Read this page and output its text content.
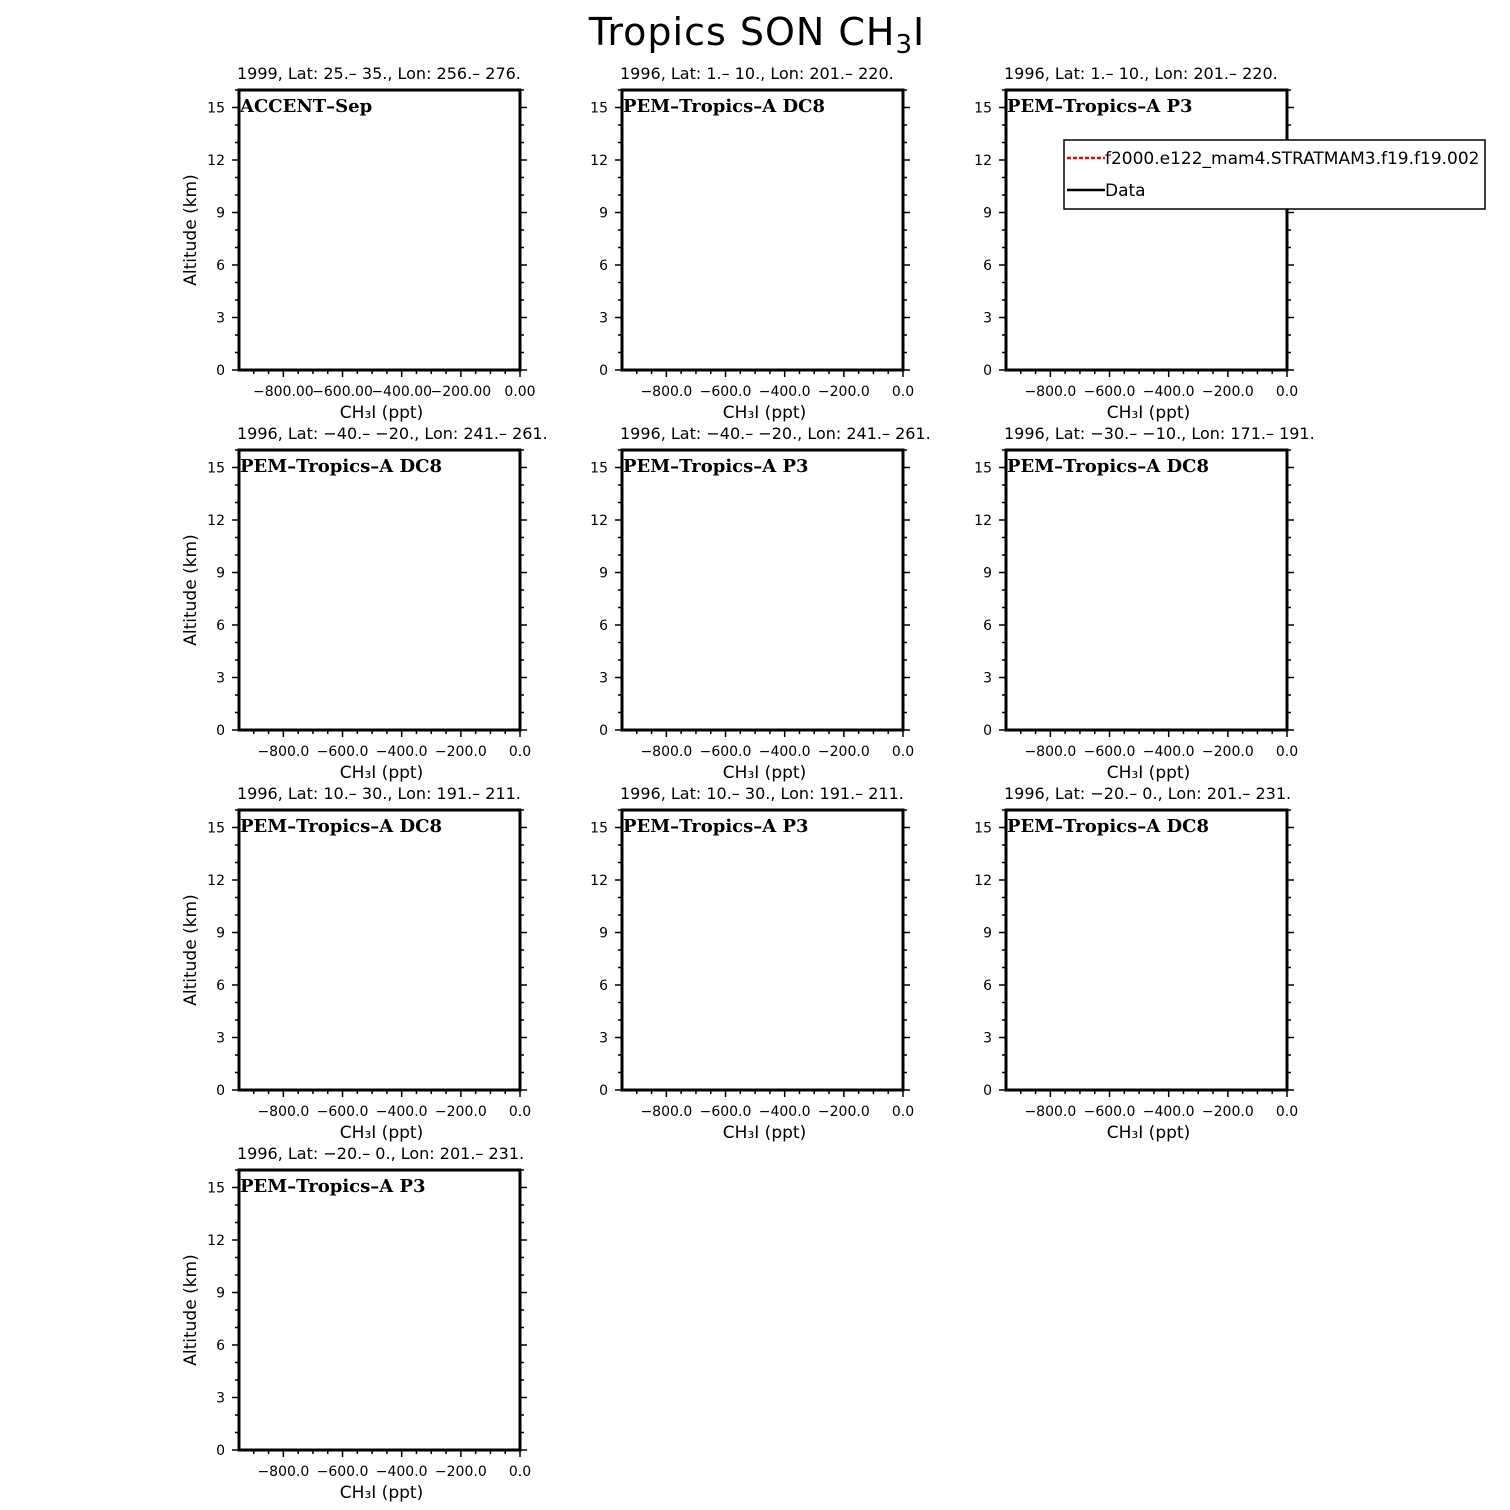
Tropics SON $CH_3I$
1999, Lat: 25.– 35., Lon: 256.– 276.
ACCENT–Sep
0
3
6
9
12
15
−800.00
−600.00
−400.00
−200.00 0.00
CH₃I (ppt)
Altitude (km)
1996, Lat: 1.– 10., Lon: 201.– 220.
PEM–Tropics–A DC8
0
3
6
9
12
15
−800.0 −600.0 −400.0 −200.0 0.0
CH₃I (ppt)
1996, Lat: 1.– 10., Lon: 201.– 220.
PEM–Tropics–A P3
0
3
6
9
12
15
−800.0 −600.0 −400.0 −200.0 0.0
CH₃I (ppt)
1996, Lat: −40.– −20., Lon: 241.– 261.
PEM–Tropics–A DC8
0
3
6
9
12
15
−800.0 −600.0 −400.0 −200.0 0.0
CH₃I (ppt)
Altitude (km)
1996, Lat: −40.– −20., Lon: 241.– 261.
PEM–Tropics–A P3
0
3
6
9
12
15
−800.0 −600.0 −400.0 −200.0 0.0
CH₃I (ppt)
1996, Lat: −30.– −10., Lon: 171.– 191.
PEM–Tropics–A DC8
0
3
6
9
12
15
−800.0 −600.0 −400.0 −200.0 0.0
CH₃I (ppt)
1996, Lat: 10.– 30., Lon: 191.– 211.
PEM–Tropics–A DC8
0
3
6
9
12
15
−800.0 −600.0 −400.0 −200.0 0.0
CH₃I (ppt)
Altitude (km)
1996, Lat: 10.– 30., Lon: 191.– 211.
PEM–Tropics–A P3
0
3
6
9
12
15
−800.0 −600.0 −400.0 −200.0 0.0
CH₃I (ppt)
1996, Lat: −20.– 0., Lon: 201.– 231.
PEM–Tropics–A DC8
0
3
6
9
12
15
−800.0 −600.0 −400.0 −200.0 0.0
CH₃I (ppt)
1996, Lat: −20.– 0., Lon: 201.– 231.
PEM–Tropics–A P3
0
3
6
9
12
15
−800.0 −600.0 −400.0 −200.0 0.0
CH₃I (ppt)
Altitude (km)
f2000.e122_mam4.STRATMAM3.f19.f19.002
Data
